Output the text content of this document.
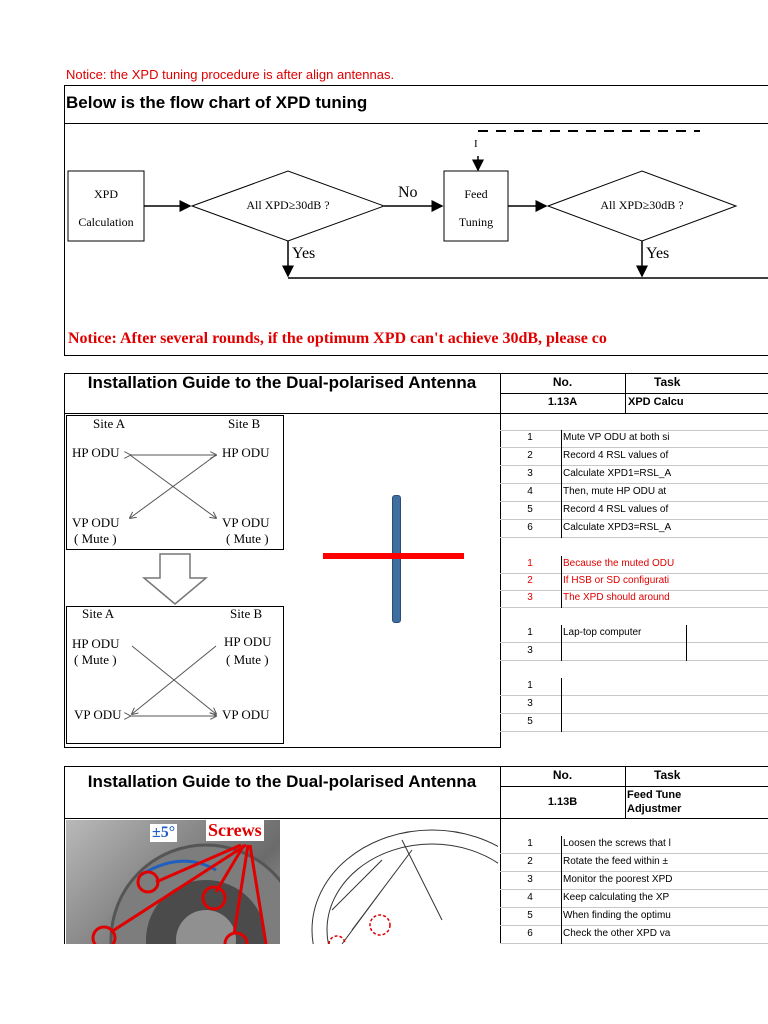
Notice: the XPD tuning procedure is after align antennas.
Below is the flow chart of XPD tuning
I
XPD
Calculation
All XPD≥30dB ?
No	Feed
Tuning
All XPD≥30dB ?
Yes	Yes
Notice: After several rounds, if the optimum XPD can't achieve 30dB, please co
Installation Guide to the Dual-polarised Antenna	No.	Task
1.13A	XPD Calcu
Site A	Site B
HP ODU	HP ODU
VP ODU	VP ODU
( Mute )	( Mute )
Site A	Site B
HP ODU	HP ODU
( Mute )	( Mute )
VP ODU	VP ODU
1	Mute VP ODU at both si
2	Record 4 RSL values of
3	Calculate XPD1=RSL_A
4	Then, mute HP ODU at
5	Record 4 RSL values of
6	Calculate XPD3=RSL_A
1	Because the muted ODU
2	If HSB or SD configurati
3	The XPD should around
1	Lap-top computer
3
1
3
5
Installation Guide to the Dual-polarised Antenna	No.	Task
1.13B
Feed Tune
Adjustmer
±5° Screws
1	Loosen the screws that l
2	Rotate the feed within ±
3	Monitor the poorest XPD
4	Keep calculating the XP
5	When finding the optimu
6	Check the other XPD va
